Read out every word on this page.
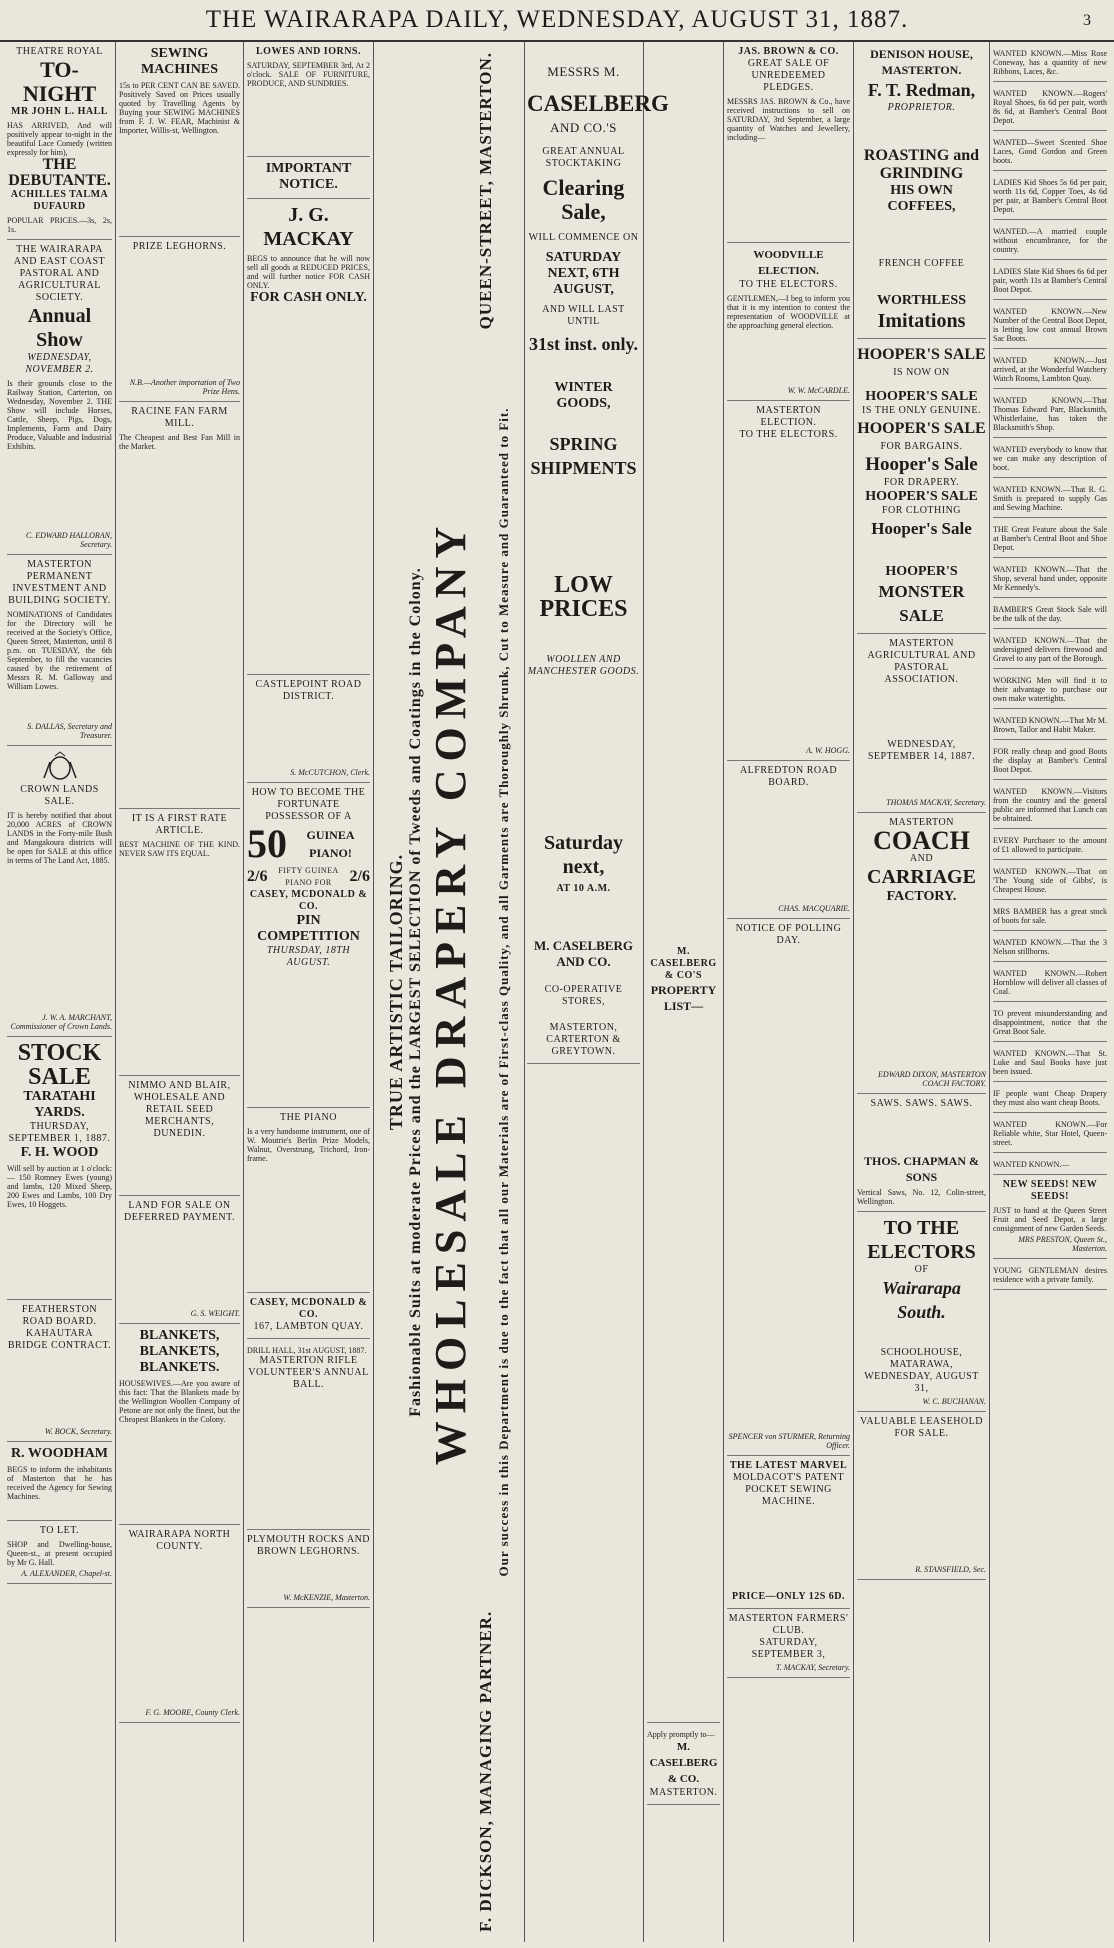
THE WAIRARAPA DAILY, WEDNESDAY, AUGUST 31, 1887.	3
THEATRE ROYAL
TO-NIGHT
MR JOHN L. HALL
HAS ARRIVED, And will positively appear to-night in the beautiful Lace Comedy (written expressly for him),
THE DEBUTANTE.
ACHILLES TALMA DUFAURD
POPULAR PRICES.—3s, 2s, 1s.
THE WAIRARAPA AND EAST COAST PASTORAL AND AGRICULTURAL SOCIETY.
Annual Show
WEDNESDAY, NOVEMBER 2.
Is their grounds close to the Railway Station, Carterton, on Wednesday, November 2. THE Show will include Horses, Cattle, Sheep, Pigs, Dogs, Implements, Farm and Dairy Produce, Valuable and Industrial Exhibits.
C. EDWARD HALLORAN, Secretary.
MASTERTON PERMANENT INVESTMENT AND BUILDING SOCIETY.
NOMINATIONS of Candidates for the Directory will be received at the Society's Office, Queen Street, Masterton, until 8 p.m. on TUESDAY, the 6th September, to fill the vacancies caused by the retirement of Messrs R. M. Galloway and William Lowes.
S. DALLAS, Secretary and Treasurer.
CROWN LANDS SALE.
IT is hereby notified that about 20,000 ACRES of CROWN LANDS in the Forty-mile Bush and Mangakoura districts will be open for SALE at this office in terms of The Land Act, 1885.
J. W. A. MARCHANT, Commissioner of Crown Lands.
STOCK SALE
TARATAHI YARDS.
THURSDAY, SEPTEMBER 1, 1887.
F. H. WOOD
Will sell by auction at 1 o'clock:— 150 Romney Ewes (young) and lambs, 120 Mixed Sheep, 200 Ewes and Lambs, 100 Dry Ewes, 10 Hoggets.
FEATHERSTON ROAD BOARD.
KAHAUTARA BRIDGE CONTRACT.
W. BOCK, Secretary.
R. WOODHAM
BEGS to inform the inhabitants of Masterton that he has received the Agency for Sewing Machines.
TO LET.
SHOP and Dwelling-house, Queen-st., at present occupied by Mr G. Hall.
A. ALEXANDER, Chapel-st.
SEWING MACHINES
15s to PER CENT CAN BE SAVED. Positively Saved on Prices usually quoted by Travelling Agents by Buying your SEWING MACHINES from F. J. W. FEAR, Machinist & Importer, Willis-st, Wellington.
PRIZE LEGHORNS.
N.B.—Another importation of Two Prize Hens.
RACINE FAN FARM MILL.
The Cheapest and Best Fan Mill in the Market.
IT IS A FIRST RATE ARTICLE.
BEST MACHINE OF THE KIND. NEVER SAW ITS EQUAL.
NIMMO AND BLAIR, WHOLESALE AND RETAIL SEED MERCHANTS, DUNEDIN.
LAND FOR SALE ON DEFERRED PAYMENT.
G. S. WEIGHT.
BLANKETS, BLANKETS, BLANKETS.
HOUSEWIVES.—Are you aware of this fact: That the Blankets made by the Wellington Woollen Company of Petone are not only the finest, but the Cheapest Blankets in the Colony.
WAIRARAPA NORTH COUNTY.
F. G. MOORE, County Clerk.
LOWES AND IORNS.
SATURDAY, SEPTEMBER 3rd, At 2 o'clock. SALE OF FURNITURE, PRODUCE, AND SUNDRIES.
IMPORTANT NOTICE.
J. G. MACKAY
BEGS to announce that he will now sell all goods at REDUCED PRICES, and will further notice FOR CASH ONLY.
FOR CASH ONLY.
CASTLEPOINT ROAD DISTRICT.
S. McCUTCHON, Clerk.
HOW TO BECOME THE FORTUNATE POSSESSOR OF A
50	GUINEA PIANO!
2/6	FIFTY GUINEA PIANO FOR	2/6
CASEY, MCDONALD & CO.
PIN COMPETITION
THURSDAY, 18TH AUGUST.
THE PIANO
Is a very handsome instrument, one of W. Moutrie's Berlin Prize Models, Walnut, Overstrung, Trichord, Iron-frame.
CASEY, MCDONALD & CO.
167, LAMBTON QUAY.
DRILL HALL, 31st AUGUST, 1887.
MASTERTON RIFLE VOLUNTEER'S ANNUAL BALL.
PLYMOUTH ROCKS AND BROWN LEGHORNS.
W. McKENZIE, Masterton.
TRUE ARTISTIC TAILORING. Fashionable Suits at moderate Prices and the LARGEST SELECTION of Tweeds and Coatings in the Colony. WHOLESALE DRAPERY COMPANY
F. DICKSON, MANAGING PARTNER.
QUEEN-STREET, MASTERTON.
Our success in this Department is due to the fact that all our Materials are of First-class Quality, and all Garments are Thoroughly Shrunk, Cut to Measure and Guaranteed to Fit.
MESSRS M.
CASELBERG
AND CO.'S
GREAT ANNUAL STOCKTAKING
Clearing Sale,
WILL COMMENCE ON
SATURDAY NEXT, 6TH AUGUST,
AND WILL LAST UNTIL
31st inst. only.
WINTER GOODS,
SPRING SHIPMENTS
LOW PRICES
WOOLLEN AND MANCHESTER GOODS.
Saturday next,
AT 10 A.M.
M. CASELBERG AND CO.
CO-OPERATIVE STORES,
MASTERTON, CARTERTON & GREYTOWN.
M. CASELBERG & CO'S
PROPERTY LIST—
Apply promptly to—
M. CASELBERG & CO.
MASTERTON.
JAS. BROWN & CO.
GREAT SALE OF UNREDEEMED PLEDGES.
MESSRS JAS. BROWN & Co., have received instructions to sell on SATURDAY, 3rd September, a large quantity of Watches and Jewellery, including—
WOODVILLE ELECTION.
TO THE ELECTORS.
GENTLEMEN,—I beg to inform you that it is my intention to contest the representation of WOODVILLE at the approaching general election.
W. W. McCARDLE.
MASTERTON ELECTION.
TO THE ELECTORS.
A. W. HOGG.
ALFREDTON ROAD BOARD.
CHAS. MACQUARIE.
NOTICE OF POLLING DAY.
SPENCER von STURMER, Returning Officer.
THE LATEST MARVEL
MOLDACOT'S PATENT POCKET SEWING MACHINE.
PRICE—ONLY 12S 6D.
MASTERTON FARMERS' CLUB.
SATURDAY, SEPTEMBER 3,
T. MACKAY, Secretary.
DENISON HOUSE, MASTERTON.
F. T. Redman,
PROPRIETOR.
ROASTING and GRINDING
HIS OWN COFFEES,
FRENCH COFFEE
WORTHLESS
Imitations
HOOPER'S SALE
IS NOW ON
HOOPER'S SALE
IS THE ONLY GENUINE.
HOOPER'S SALE
FOR BARGAINS.
Hooper's Sale
FOR DRAPERY.
HOOPER'S SALE
FOR CLOTHING
Hooper's Sale
HOOPER'S
MONSTER SALE
MASTERTON AGRICULTURAL AND PASTORAL ASSOCIATION.
WEDNESDAY, SEPTEMBER 14, 1887.
THOMAS MACKAY, Secretary.
MASTERTON
COACH
AND
CARRIAGE
FACTORY.
EDWARD DIXON, MASTERTON COACH FACTORY.
SAWS. SAWS. SAWS.
THOS. CHAPMAN & SONS
Vertical Saws, No. 12, Colin-street, Wellington.
TO THE ELECTORS
OF
Wairarapa South.
SCHOOLHOUSE, MATARAWA,
WEDNESDAY, AUGUST 31,
W. C. BUCHANAN.
VALUABLE LEASEHOLD FOR SALE.
R. STANSFIELD, Sec.
WANTED KNOWN.—Miss Rose Coneway, has a quantity of new Ribbons, Laces, &c.
WANTED KNOWN.—Rogers' Royal Shoes, 6s 6d per pair, worth 8s 6d, at Bamber's Central Boot Depot.
WANTED—Sweet Scented Shoe Laces, Good Gordon and Green boots.
LADIES Kid Shoes 5s 6d per pair, worth 11s 6d, Copper Toes, 4s 6d per pair, at Bamber's Central Boot Depot.
WANTED.—A married couple without encumbrance, for the country.
LADIES Slate Kid Shoes 6s 6d per pair, worth 11s at Bamber's Central Boot Depot.
WANTED KNOWN.—New Number of the Central Boot Depot, is letting low cost annual Brown Sac Boots.
WANTED KNOWN.—Just arrived, at the Wonderful Watchery Watch Rooms, Lambton Quay.
WANTED KNOWN.—That Thomas Edward Parr, Blacksmith, Whistlerlaine, has taken the Blacksmith's Shop.
WANTED everybody to know that we can make any description of boot.
WANTED KNOWN.—That R. G. Smith is prepared to supply Gas and Sewing Machine.
THE Great Feature about the Sale at Bamber's Central Boot and Shoe Depot.
WANTED KNOWN.—That the Shop, several hand under, opposite Mr Kennedy's.
BAMBER'S Great Stock Sale will be the talk of the day.
WANTED KNOWN.—That the undersigned delivers firewood and Gravel to any part of the Borough.
WORKING Men will find it to their advantage to purchase our own make watertights.
WANTED KNOWN.—That Mr M. Brown, Tailor and Habit Maker.
FOR really cheap and good Boots the display at Bamber's Central Boot Depot.
WANTED KNOWN.—Visitors from the country and the general public are informed that Lunch can be obtained.
EVERY Purchaser to the amount of £1 allowed to participate.
WANTED KNOWN.—That on 'The Young side of Gibbs', is Cheapest House.
MRS BAMBER has a great stock of boots for sale.
WANTED KNOWN.—That the 3 Nelson stillborns.
WANTED KNOWN.—Robert Hornblow will deliver all classes of Coal.
TO prevent misunderstanding and disappointment, notice that the Great Boot Sale.
WANTED KNOWN.—That St. Luke and Saul Books have just been issued.
IF people want Cheap Drapery they must also want cheap Boots.
WANTED KNOWN.—For Reliable white, Star Hotel, Queen-street.
WANTED KNOWN.—
NEW SEEDS! NEW SEEDS!
JUST to hand at the Queen Street Fruit and Seed Depot, a large consignment of new Garden Seeds.
MRS PRESTON, Queen St., Masterton.
YOUNG GENTLEMAN desires residence with a private family.
